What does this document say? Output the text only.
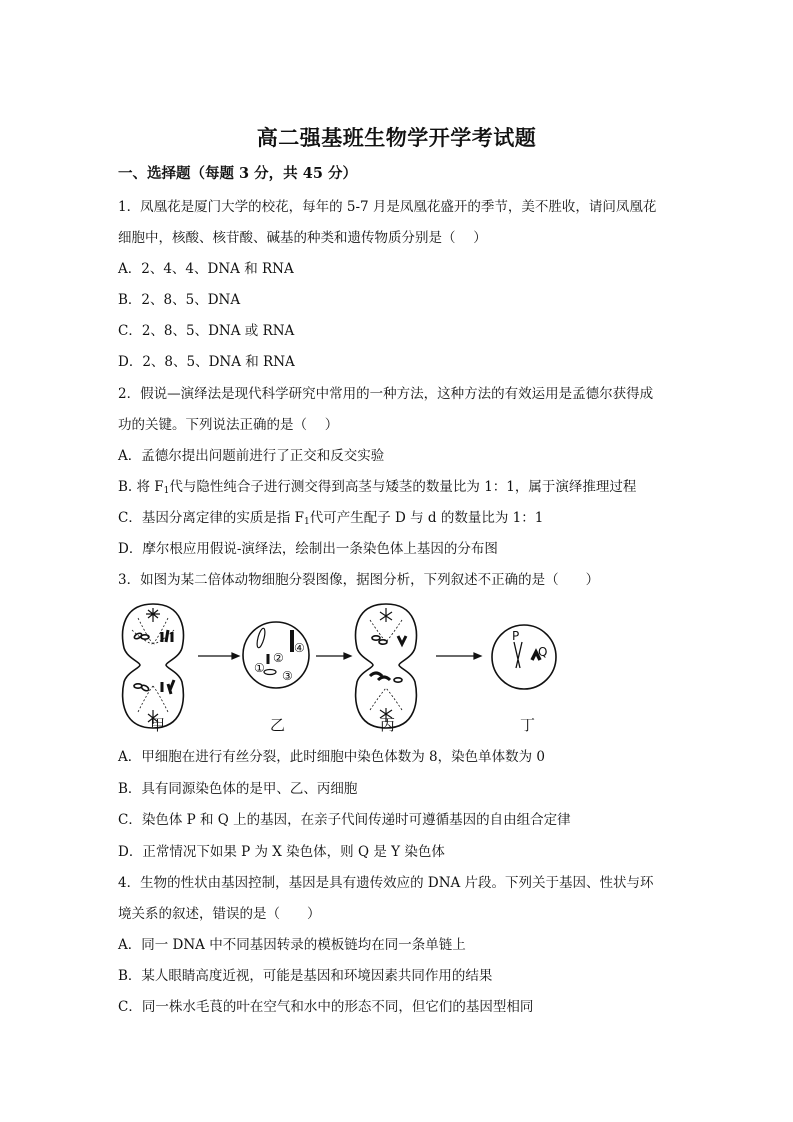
高二强基班生物学开学考试题
一、选择题（每题 3 分，共 45 分）
1．凤凰花是厦门大学的校花，每年的 5-7 月是凤凰花盛开的季节，美不胜收，请问凤凰花
细胞中，核酸、核苷酸、碱基的种类和遗传物质分别是（　 ）
A．2、4、4、DNA 和 RNA
B．2、8、5、DNA
C．2、8、5、DNA 或 RNA
D．2、8、5、DNA 和 RNA
2．假说—演绎法是现代科学研究中常用的一种方法，这种方法的有效运用是孟德尔获得成
功的关键。下列说法正确的是（　 ）
A．孟德尔提出问题前进行了正交和反交实验
B. 将 $F_1$代与隐性纯合子进行测交得到高茎与矮茎的数量比为 1：1，属于演绎推理过程
C．基因分离定律的实质是指 $F_1$代可产生配子 D 与 d 的数量比为 1：1
D．摩尔根应用假说-演绎法，绘制出一条染色体上基因的分布图
3．如图为某二倍体动物细胞分裂图像，据图分析，下列叙述不正确的是（　　）
①
②
③
④
P
Q
甲	乙	丙	丁
A．甲细胞在进行有丝分裂，此时细胞中染色体数为 8，染色单体数为 0
B．具有同源染色体的是甲、乙、丙细胞
C．染色体 P 和 Q 上的基因，在亲子代间传递时可遵循基因的自由组合定律
D．正常情况下如果 P 为 X 染色体，则 Q 是 Y 染色体
4．生物的性状由基因控制，基因是具有遗传效应的 DNA 片段。下列关于基因、性状与环
境关系的叙述，错误的是（　　）
A．同一 DNA 中不同基因转录的模板链均在同一条单链上
B．某人眼睛高度近视，可能是基因和环境因素共同作用的结果
C．同一株水毛茛的叶在空气和水中的形态不同，但它们的基因型相同
